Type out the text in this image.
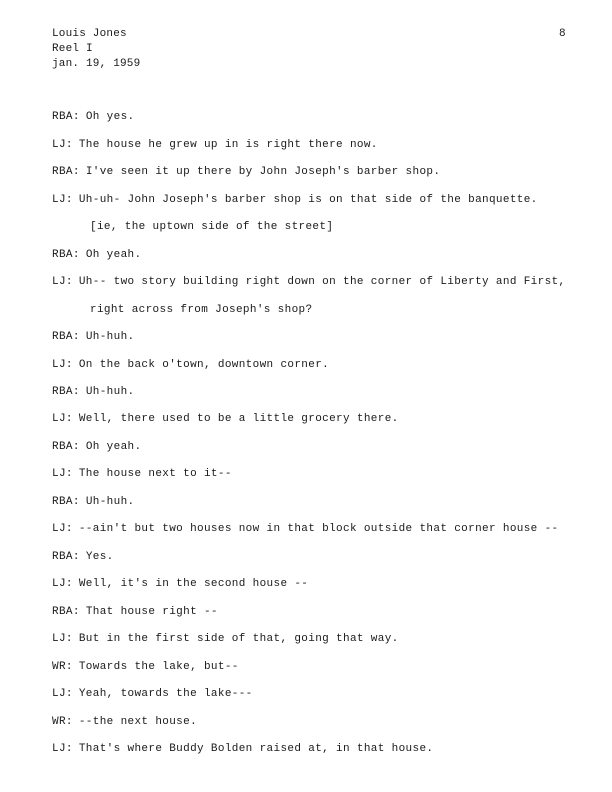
Louis Jones
Reel I
jan. 19, 1959
8
RBA: Oh yes.
LJ: The house he grew up in is right there now.
RBA: I've seen it up there by John Joseph's barber shop.
LJ: Uh-uh- John Joseph's barber shop is on that side of the banquette.
[ie, the uptown side of the street]
RBA: Oh yeah.
LJ: Uh-- two story building right down on the corner of Liberty and First,
right across from Joseph's shop?
RBA: Uh-huh.
LJ: On the back o'town, downtown corner.
RBA: Uh-huh.
LJ: Well, there used to be a little grocery there.
RBA: Oh yeah.
LJ: The house next to it--
RBA: Uh-huh.
LJ: --ain't but two houses now in that block outside that corner house --
RBA: Yes.
LJ: Well, it's in the second house --
RBA: That house right --
LJ: But in the first side of that, going that way.
WR: Towards the lake, but--
LJ: Yeah, towards the lake---
WR: --the next house.
LJ: That's where Buddy Bolden raised at, in that house.
